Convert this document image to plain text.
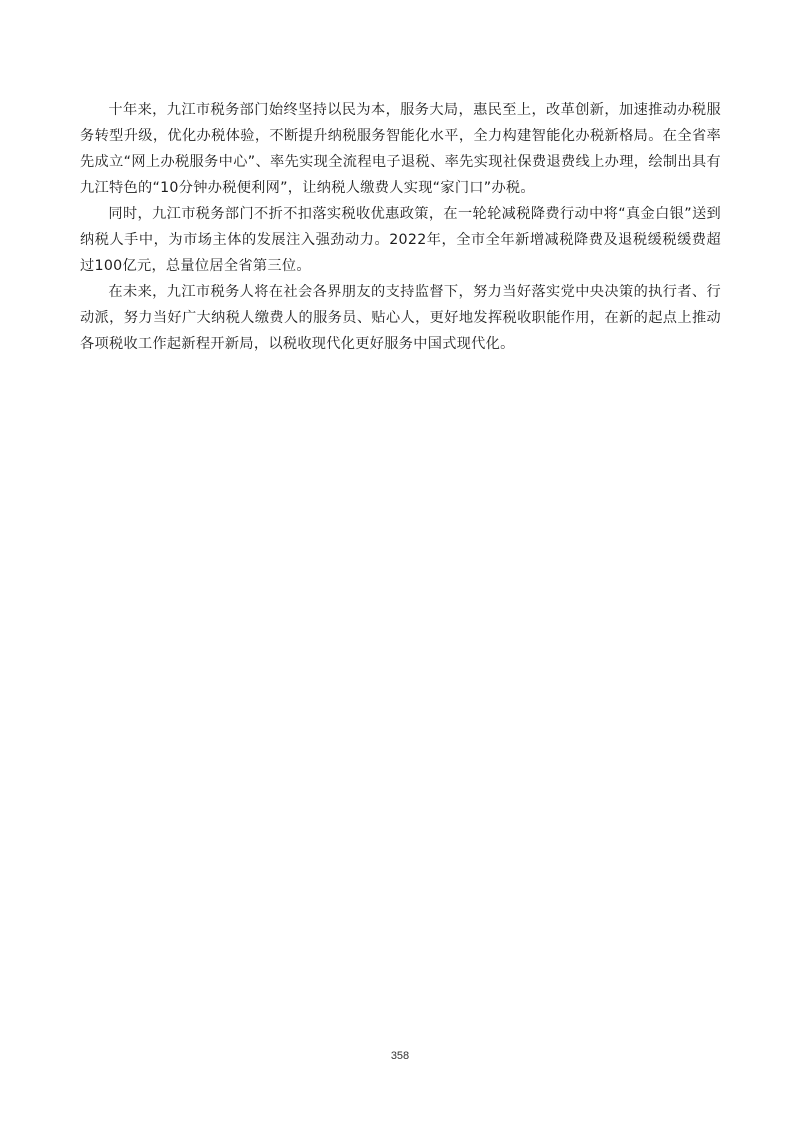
十年来，九江市税务部门始终坚持以民为本，服务大局，惠民至上，改革创新，加速推动办税服务转型升级，优化办税体验，不断提升纳税服务智能化水平，全力构建智能化办税新格局。在全省率先成立“网上办税服务中心”、率先实现全流程电子退税、率先实现社保费退费线上办理，绘制出具有九江特色的“10分钟办税便利网”，让纳税人缴费人实现“家门口”办税。

同时，九江市税务部门不折不扣落实税收优惠政策，在一轮轮减税降费行动中将“真金白银”送到纳税人手中，为市场主体的发展注入强劲动力。2022年，全市全年新增减税降费及退税缓税缓费超过100亿元，总量位居全省第三位。

在未来，九江市税务人将在社会各界朋友的支持监督下，努力当好落实党中央决策的执行者、行动派，努力当好广大纳税人缴费人的服务员、贴心人，更好地发挥税收职能作用，在新的起点上推动各项税收工作起新程开新局，以税收现代化更好服务中国式现代化。

358
